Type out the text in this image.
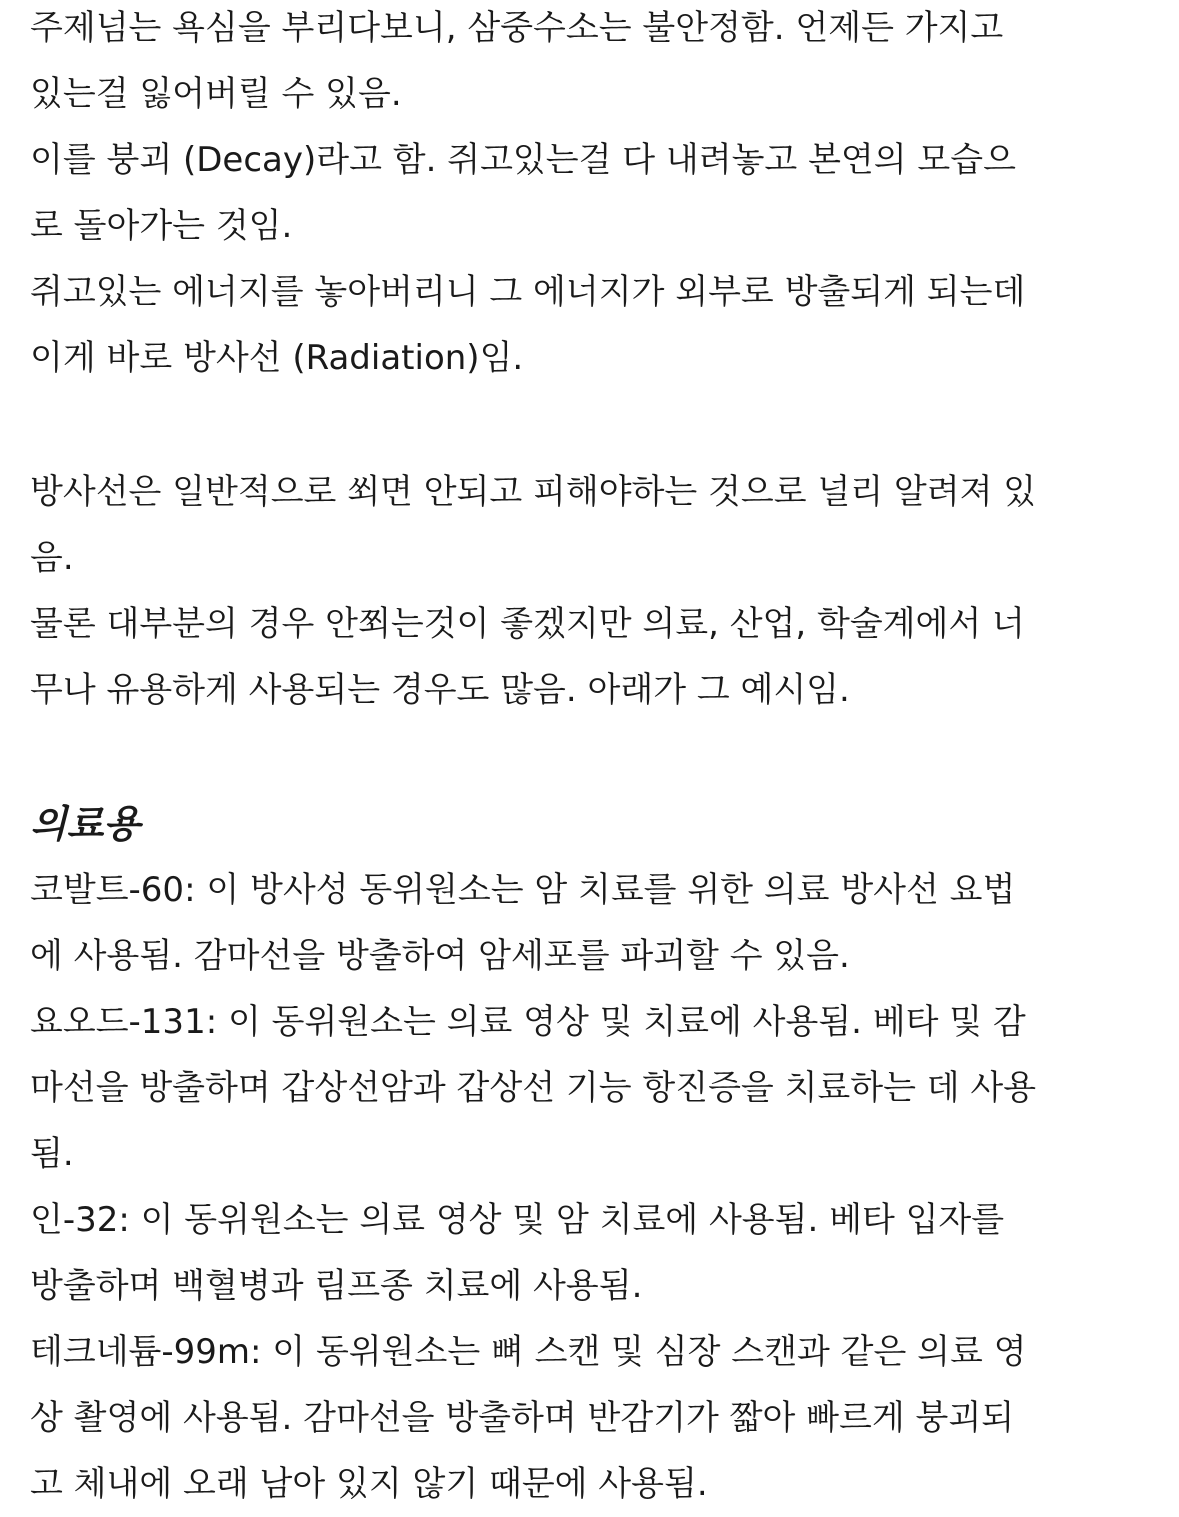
주제넘는 욕심을 부리다보니, 삼중수소는 불안정함. 언제든 가지고
있는걸 잃어버릴 수 있음.

이를 붕괴 (Decay)라고 함. 쥐고있는걸 다 내려놓고 본연의 모습으
로 돌아가는 것임.

쥐고있는 에너지를 놓아버리니 그 에너지가 외부로 방출되게 되는데
이게 바로 방사선 (Radiation)임.

방사선은 일반적으로 쐬면 안되고 피해야하는 것으로 널리 알려져 있
음.

물론 대부분의 경우 안쬐는것이 좋겠지만 의료, 산업, 학술계에서 너
무나 유용하게 사용되는 경우도 많음. 아래가 그 예시임.

의료용

코발트-60: 이 방사성 동위원소는 암 치료를 위한 의료 방사선 요법
에 사용됨. 감마선을 방출하여 암세포를 파괴할 수 있음.

요오드-131: 이 동위원소는 의료 영상 및 치료에 사용됨. 베타 및 감
마선을 방출하며 갑상선암과 갑상선 기능 항진증을 치료하는 데 사용
됨.

인-32: 이 동위원소는 의료 영상 및 암 치료에 사용됨. 베타 입자를
방출하며 백혈병과 림프종 치료에 사용됨.

테크네튬-99m: 이 동위원소는 뼈 스캔 및 심장 스캔과 같은 의료 영
상 촬영에 사용됨. 감마선을 방출하며 반감기가 짧아 빠르게 붕괴되
고 체내에 오래 남아 있지 않기 때문에 사용됨.
